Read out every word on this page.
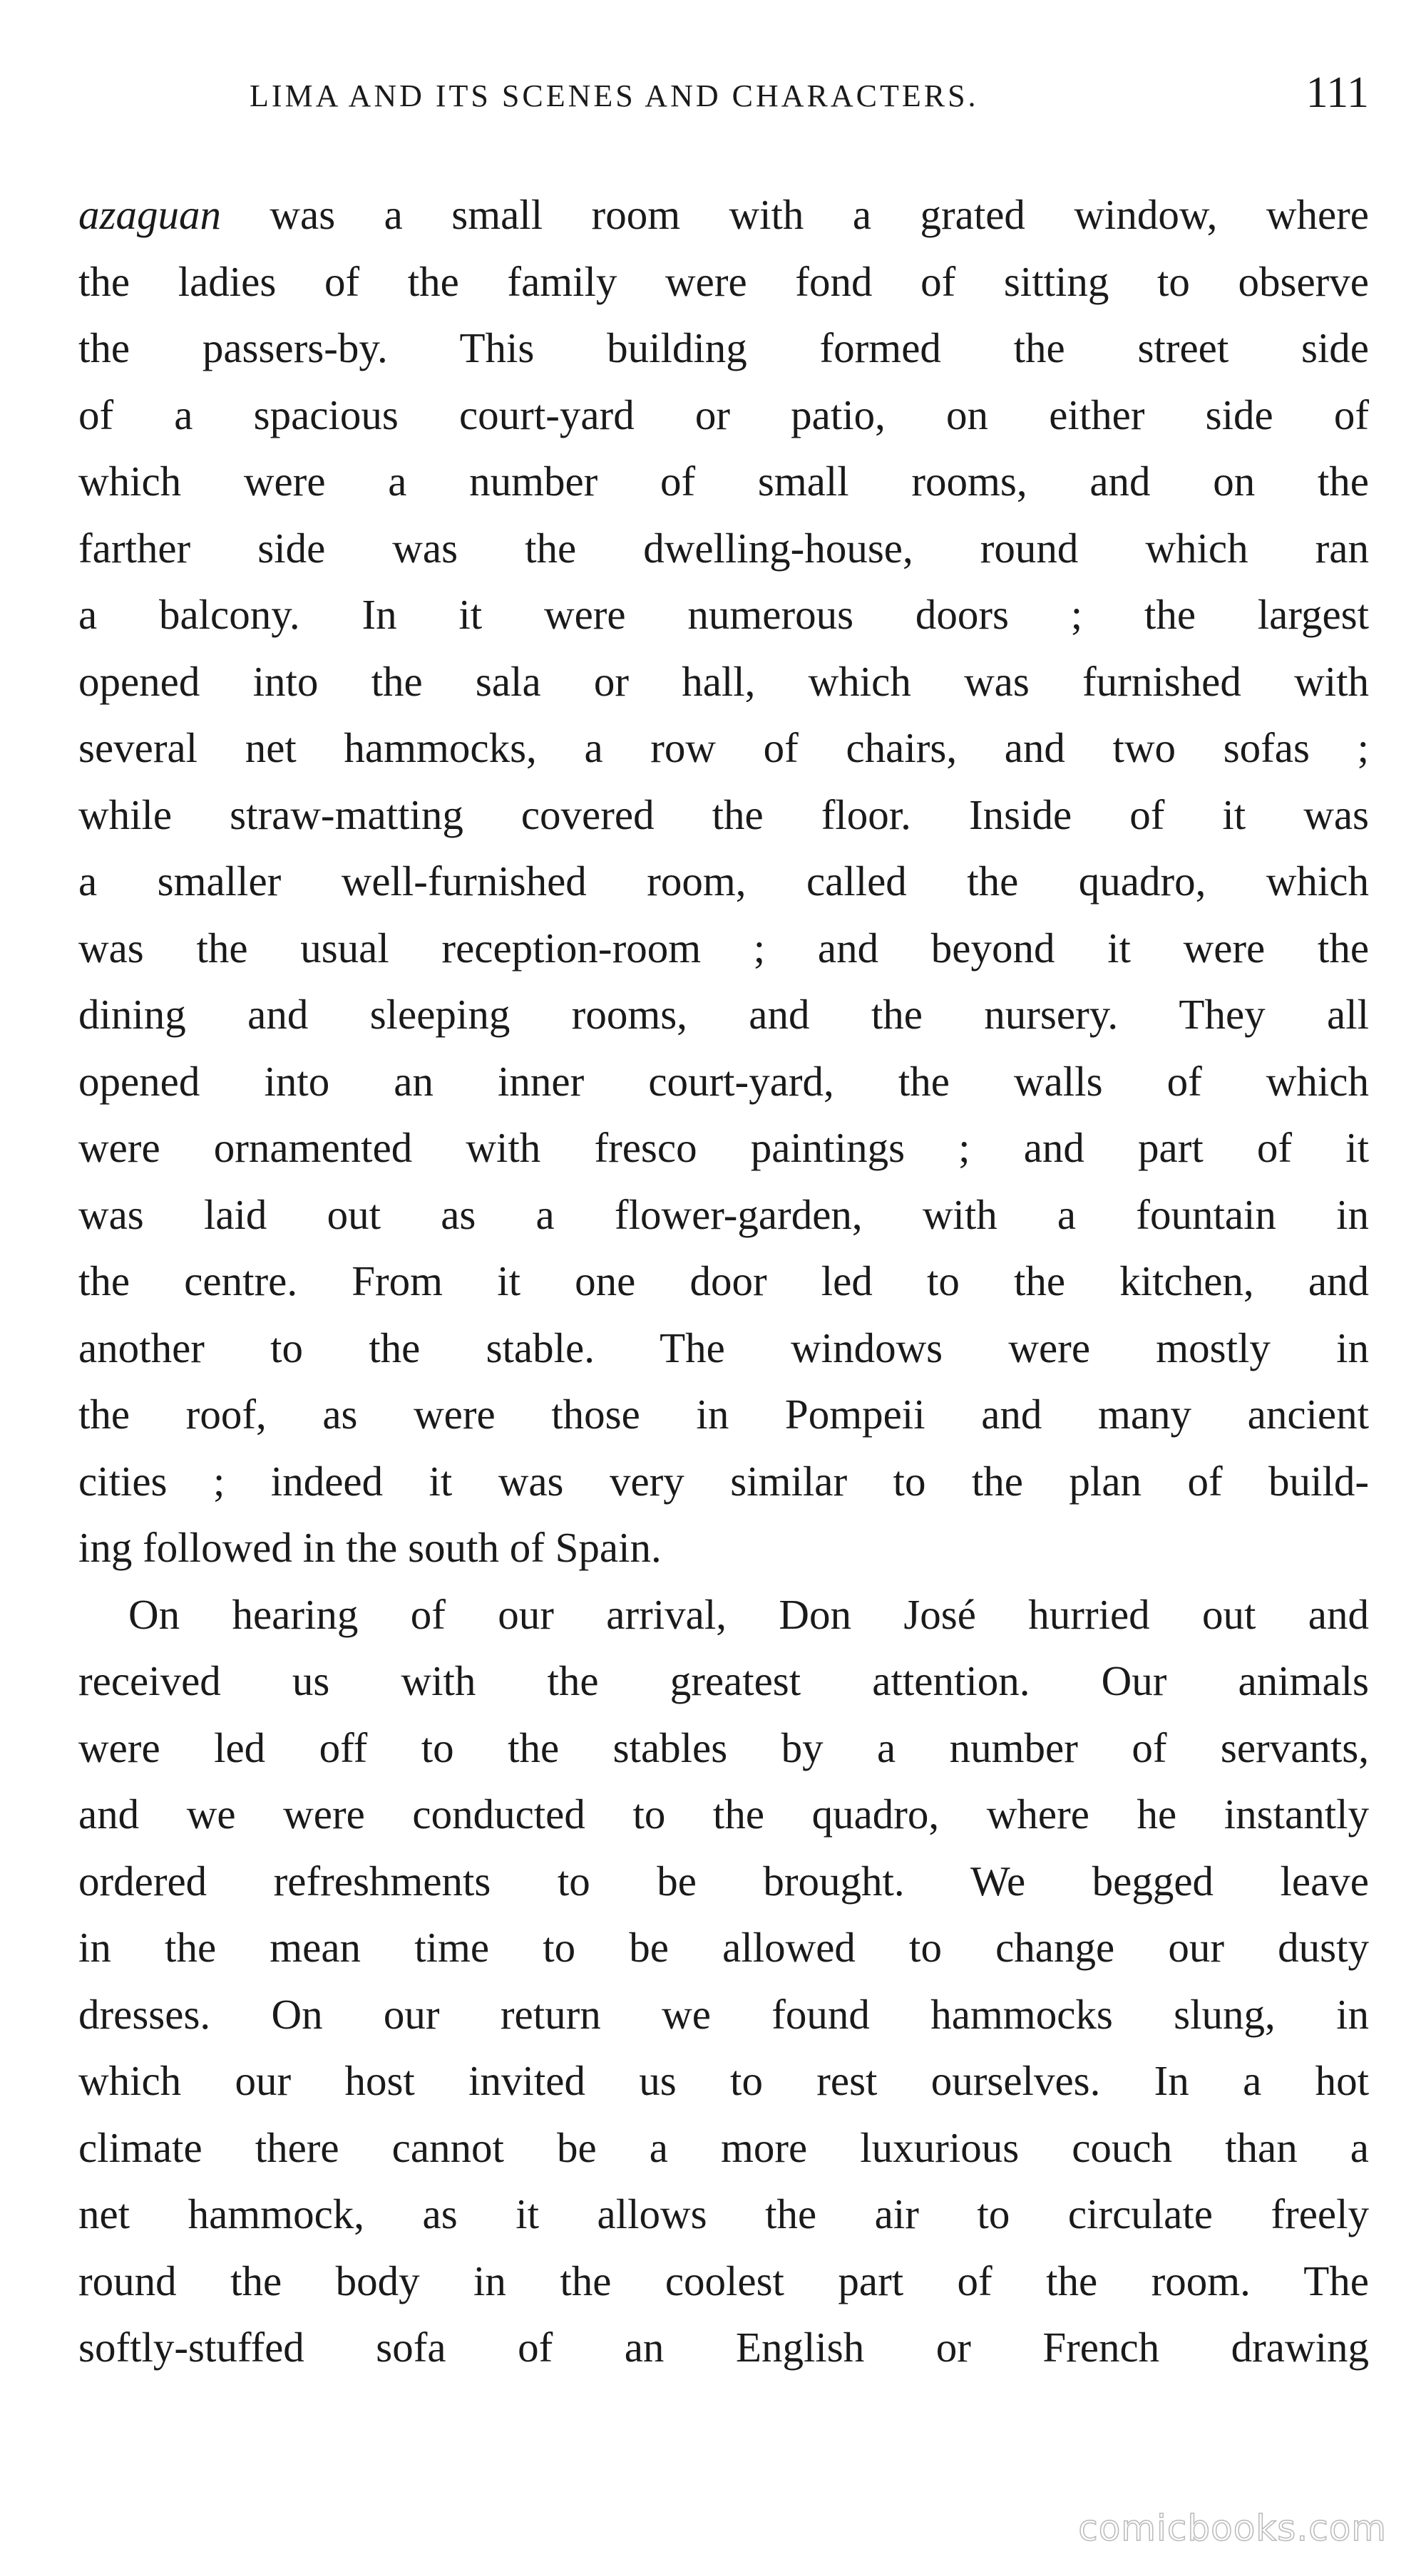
LIMA AND ITS SCENES AND CHARACTERS.	111
azaguan was a small room with a grated window, where
the ladies of the family were fond of sitting to observe
the passers-by. This building formed the street side
of a spacious court-yard or patio, on either side of
which were a number of small rooms, and on the
farther side was the dwelling-house, round which ran
a balcony. In it were numerous doors ; the largest
opened into the sala or hall, which was furnished with
several net hammocks, a row of chairs, and two sofas ;
while straw-matting covered the floor. Inside of it was
a smaller well-furnished room, called the quadro, which
was the usual reception-room ; and beyond it were the
dining and sleeping rooms, and the nursery. They all
opened into an inner court-yard, the walls of which
were ornamented with fresco paintings ; and part of it
was laid out as a flower-garden, with a fountain in
the centre. From it one door led to the kitchen, and
another to the stable. The windows were mostly in
the roof, as were those in Pompeii and many ancient
cities ; indeed it was very similar to the plan of build-
ing followed in the south of Spain.
On hearing of our arrival, Don José hurried out and
received us with the greatest attention. Our animals
were led off to the stables by a number of servants,
and we were conducted to the quadro, where he instantly
ordered refreshments to be brought. We begged leave
in the mean time to be allowed to change our dusty
dresses. On our return we found hammocks slung, in
which our host invited us to rest ourselves. In a hot
climate there cannot be a more luxurious couch than a
net hammock, as it allows the air to circulate freely
round the body in the coolest part of the room. The
softly-stuffed sofa of an English or French drawing
comicbooks.com
